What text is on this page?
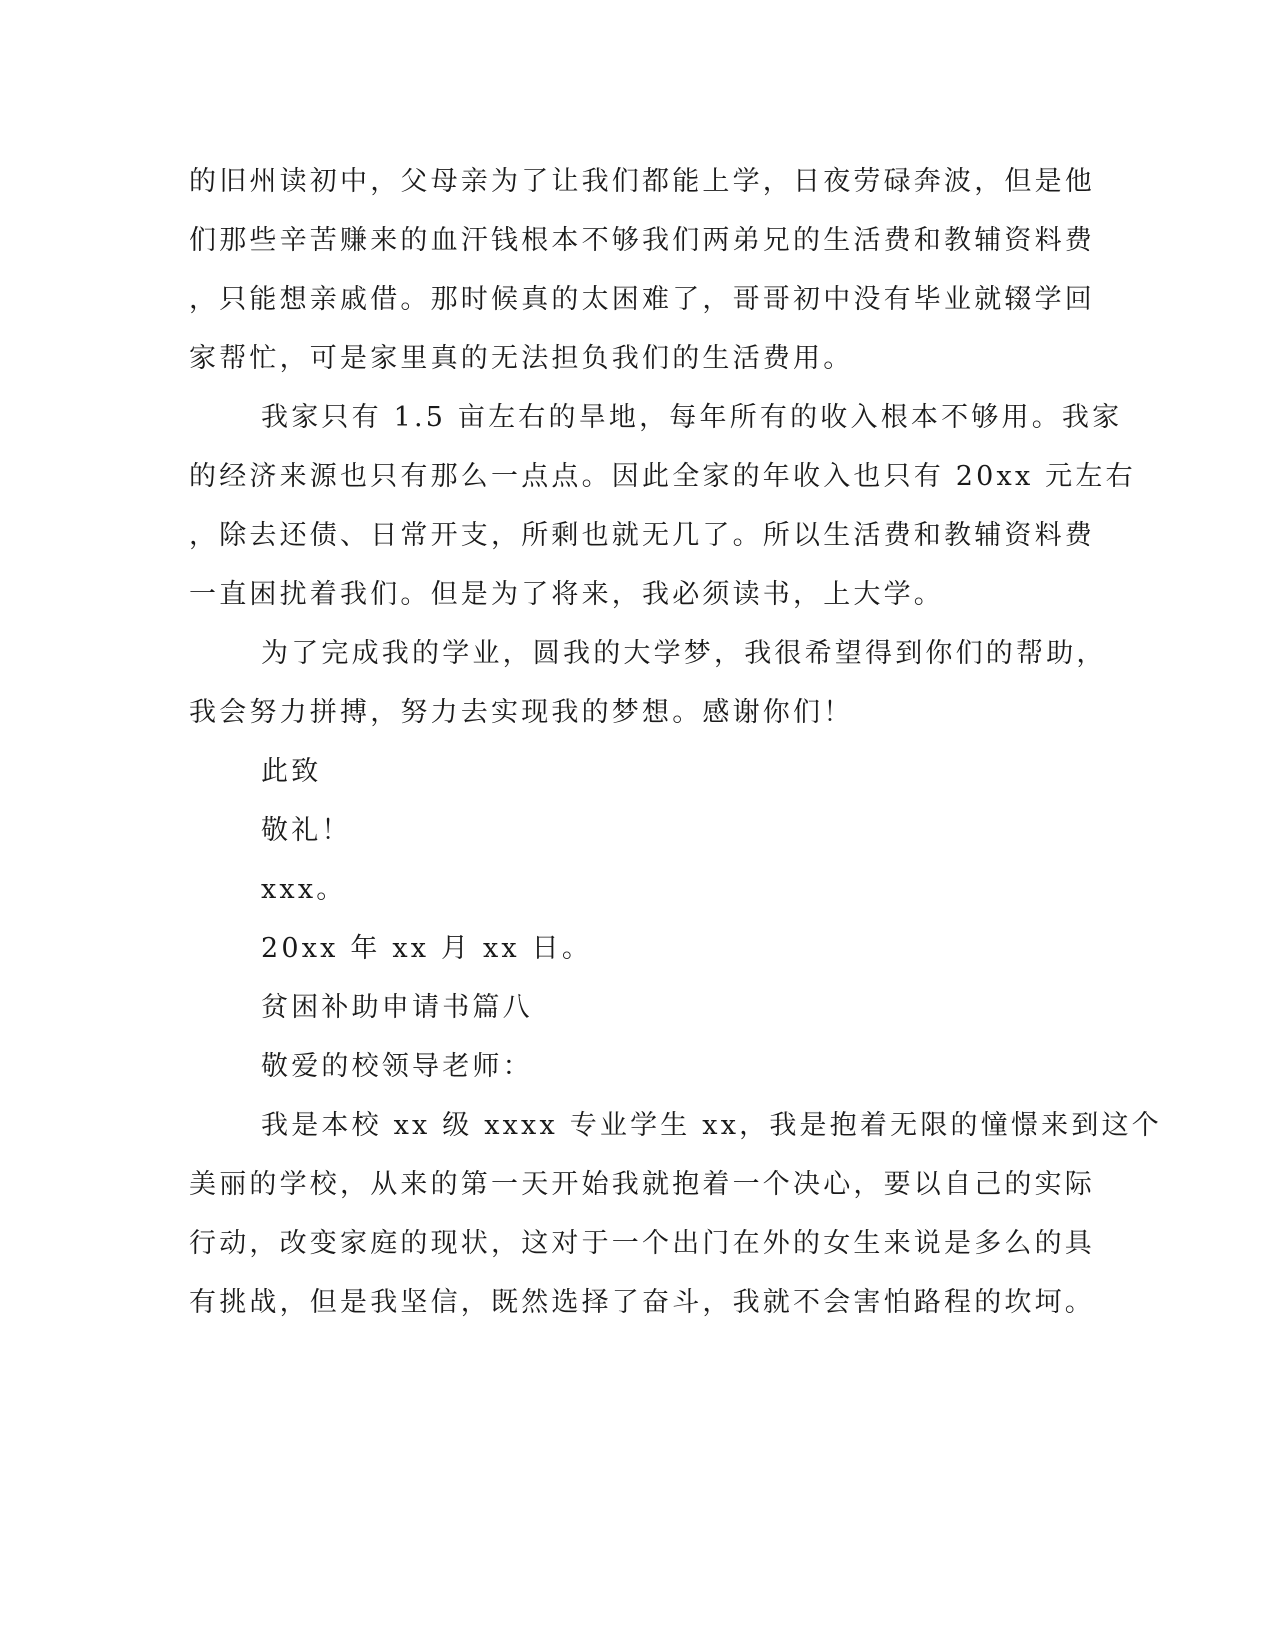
的旧州读初中，父母亲为了让我们都能上学，日夜劳碌奔波，但是他
们那些辛苦赚来的血汗钱根本不够我们两弟兄的生活费和教辅资料费
，只能想亲戚借。那时候真的太困难了，哥哥初中没有毕业就辍学回
家帮忙，可是家里真的无法担负我们的生活费用。
我家只有 1.5 亩左右的旱地，每年所有的收入根本不够用。我家
的经济来源也只有那么一点点。因此全家的年收入也只有 20xx 元左右
，除去还债、日常开支，所剩也就无几了。所以生活费和教辅资料费
一直困扰着我们。但是为了将来，我必须读书，上大学。
为了完成我的学业，圆我的大学梦，我很希望得到你们的帮助，
我会努力拼搏，努力去实现我的梦想。感谢你们！
此致
敬礼！
xxx。
20xx 年 xx 月 xx 日。
贫困补助申请书篇八
敬爱的校领导老师：
我是本校 xx 级 xxxx 专业学生 xx，我是抱着无限的憧憬来到这个
美丽的学校，从来的第一天开始我就抱着一个决心，要以自己的实际
行动，改变家庭的现状，这对于一个出门在外的女生来说是多么的具
有挑战，但是我坚信，既然选择了奋斗，我就不会害怕路程的坎坷。
